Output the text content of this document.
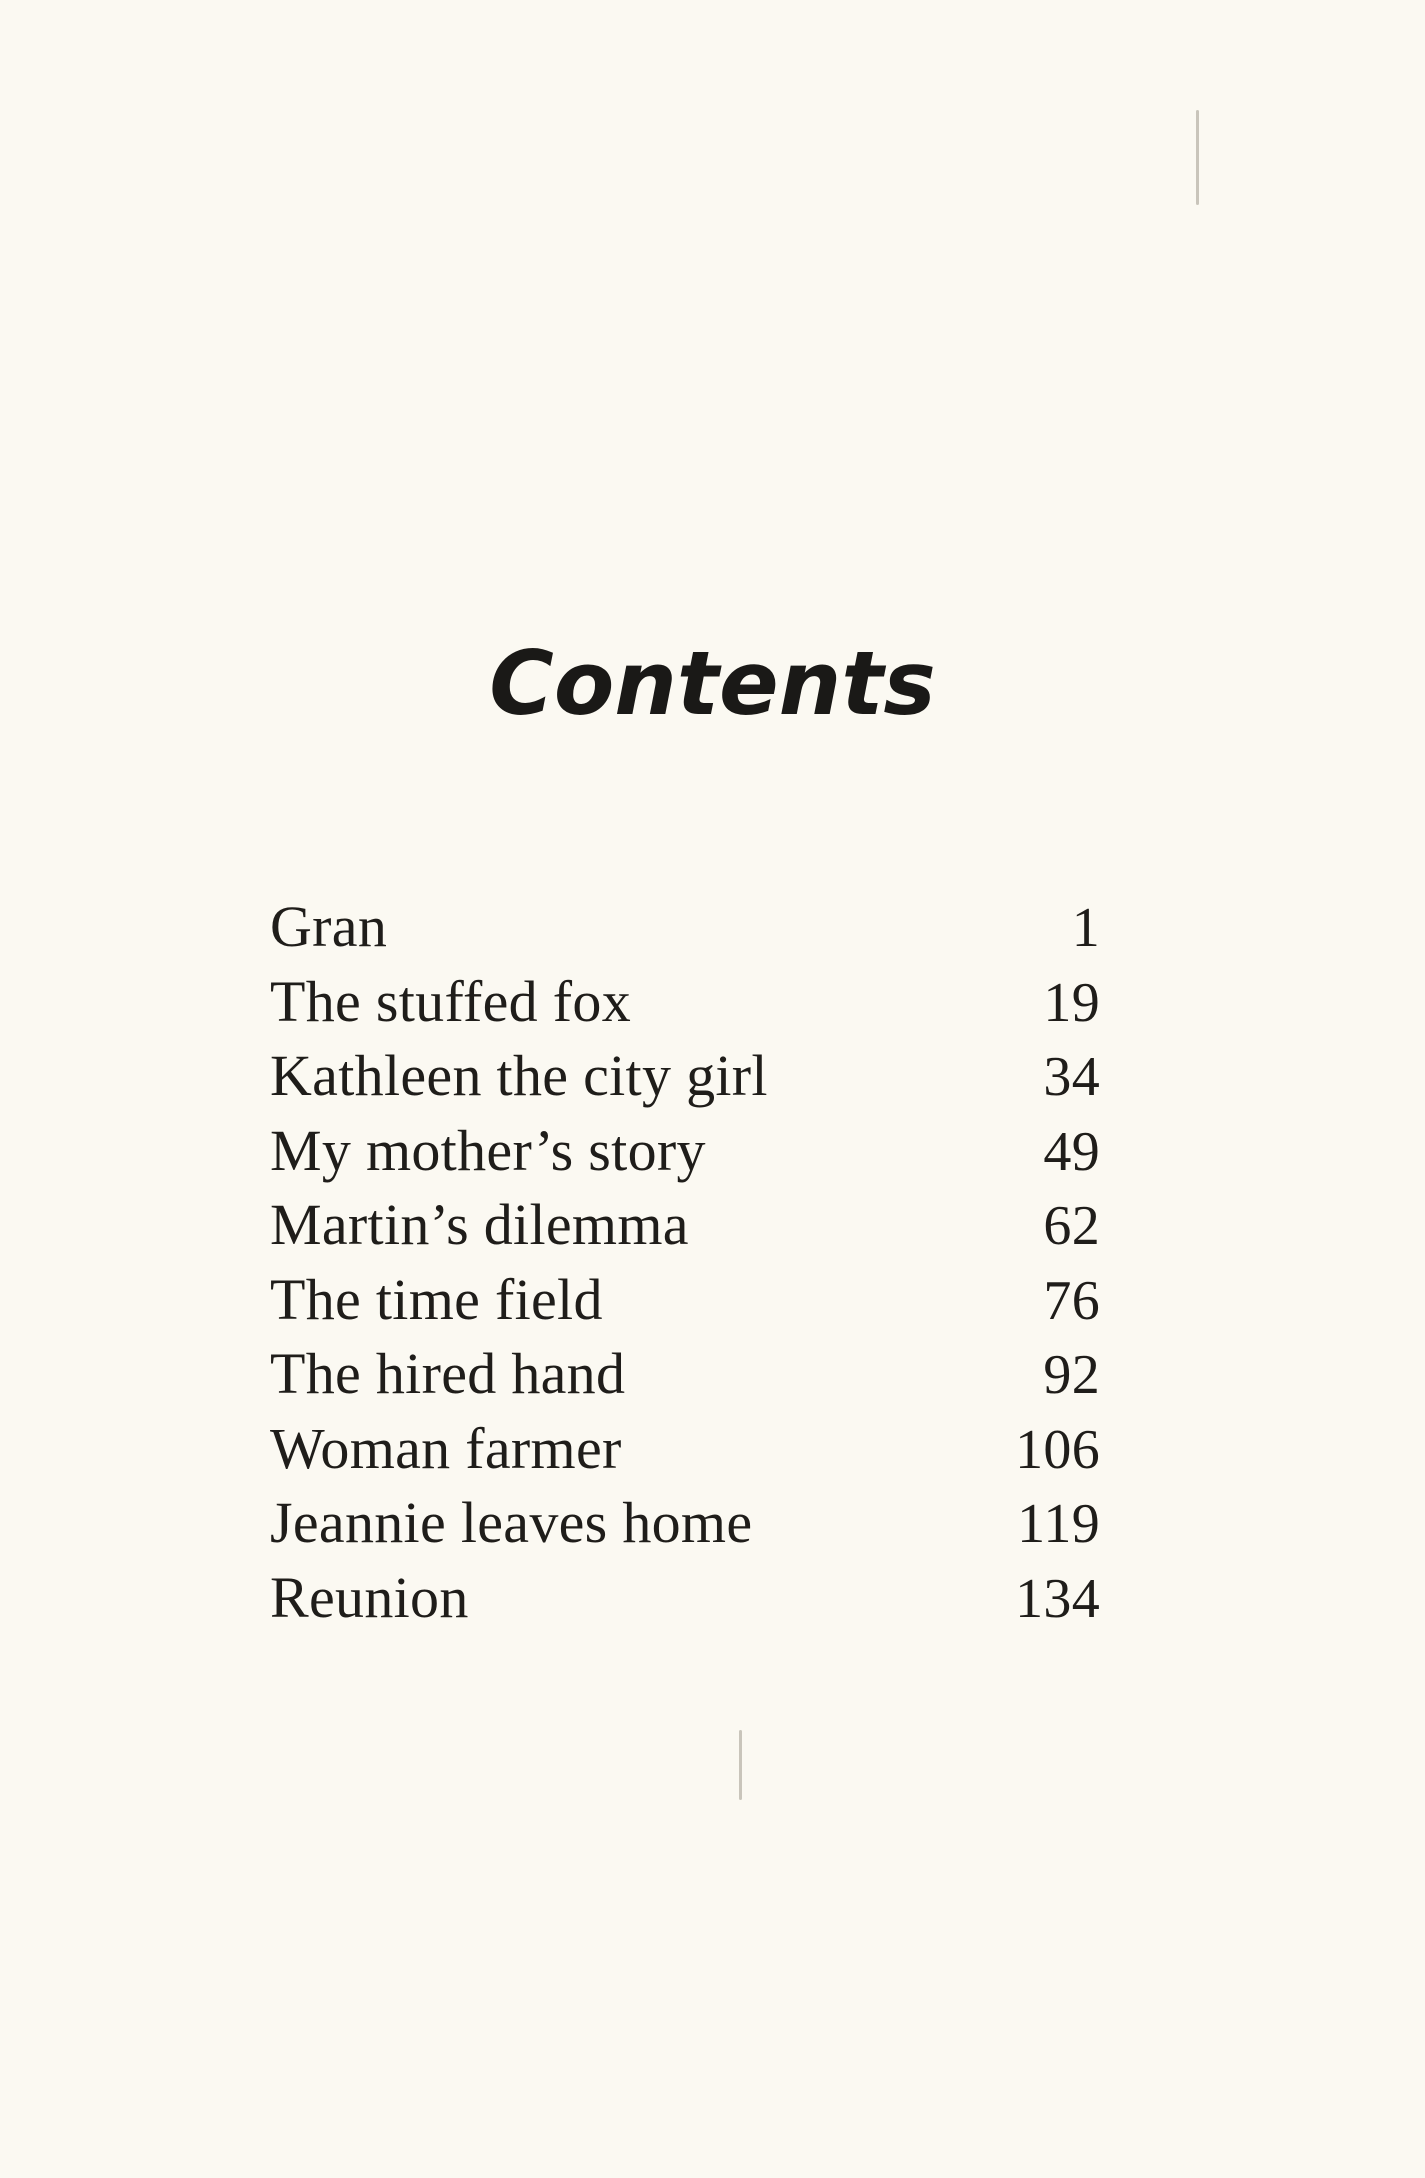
Contents
Gran	1
The stuffed fox	19
Kathleen the city girl	34
My mother’s story	49
Martin’s dilemma	62
The time field	76
The hired hand	92
Woman farmer	106
Jeannie leaves home	119
Reunion	134
